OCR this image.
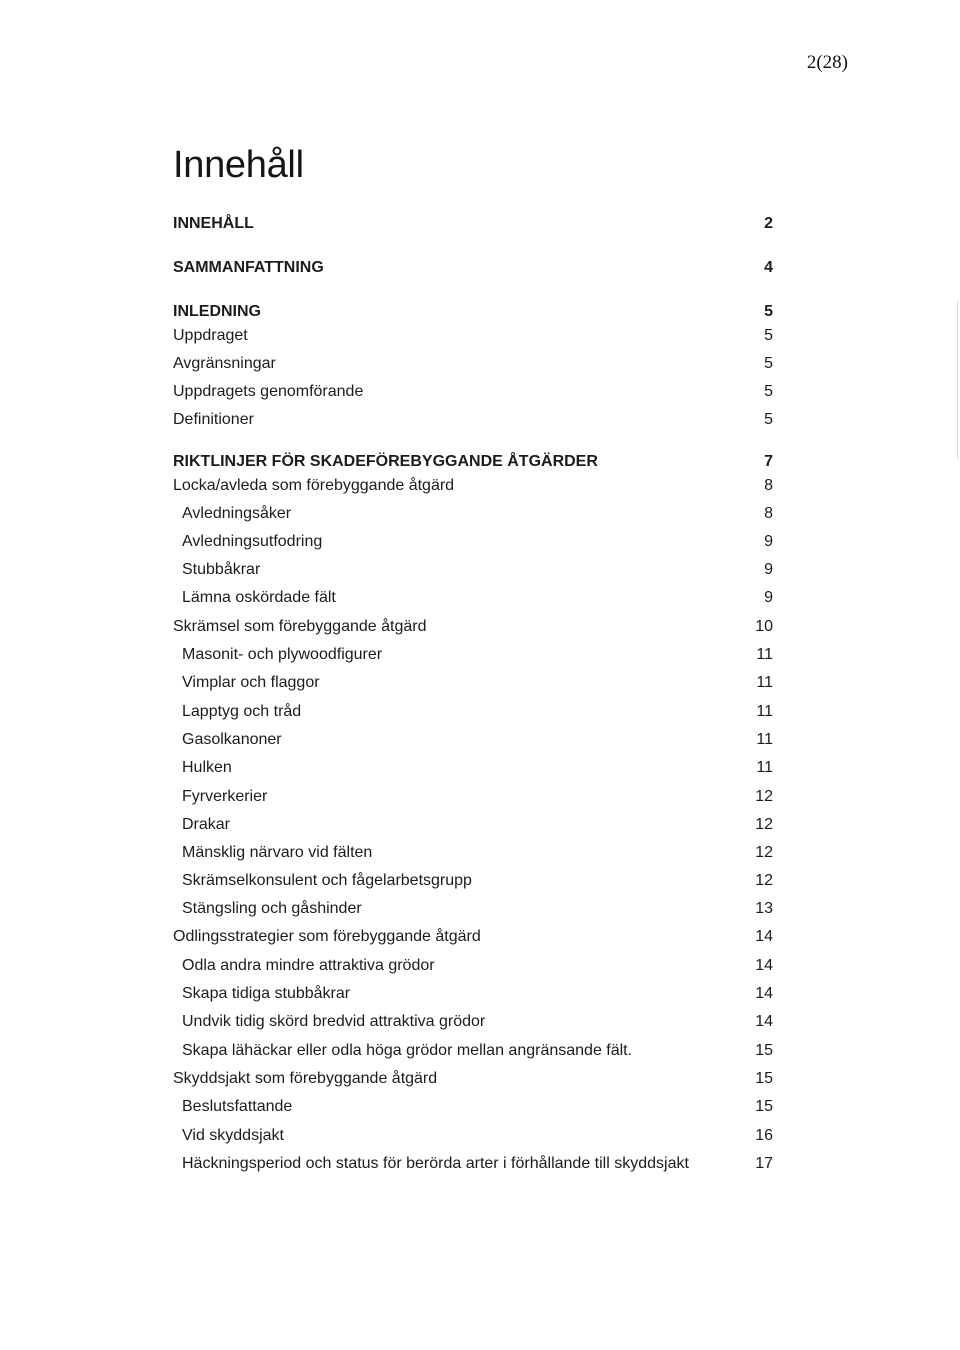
2(28)
Innehåll
INNEHÅLL	2
SAMMANFATTNING	4
INLEDNING	5
Uppdraget	5
Avgränsningar	5
Uppdragets genomförande	5
Definitioner	5
RIKTLINJER FÖR SKADEFÖREBYGGANDE ÅTGÄRDER	7
Locka/avleda som förebyggande åtgärd	8
Avledningsåker	8
Avledningsutfodring	9
Stubbåkrar	9
Lämna oskördade fält	9
Skrämsel som förebyggande åtgärd	10
Masonit- och plywoodfigurer	11
Vimplar och flaggor	11
Lapptyg och tråd	11
Gasolkanoner	11
Hulken	11
Fyrverkerier	12
Drakar	12
Mänsklig närvaro vid fälten	12
Skrämselkonsulent och fågelarbetsgrupp	12
Stängsling och gåshinder	13
Odlingsstrategier som förebyggande åtgärd	14
Odla andra mindre attraktiva grödor	14
Skapa tidiga stubbåkrar	14
Undvik tidig skörd bredvid attraktiva grödor	14
Skapa lähäckar eller odla höga grödor mellan angränsande fält.	15
Skyddsjakt som förebyggande åtgärd	15
Beslutsfattande	15
Vid skyddsjakt	16
Häckningsperiod och status för berörda arter i förhållande till skyddsjakt	17
